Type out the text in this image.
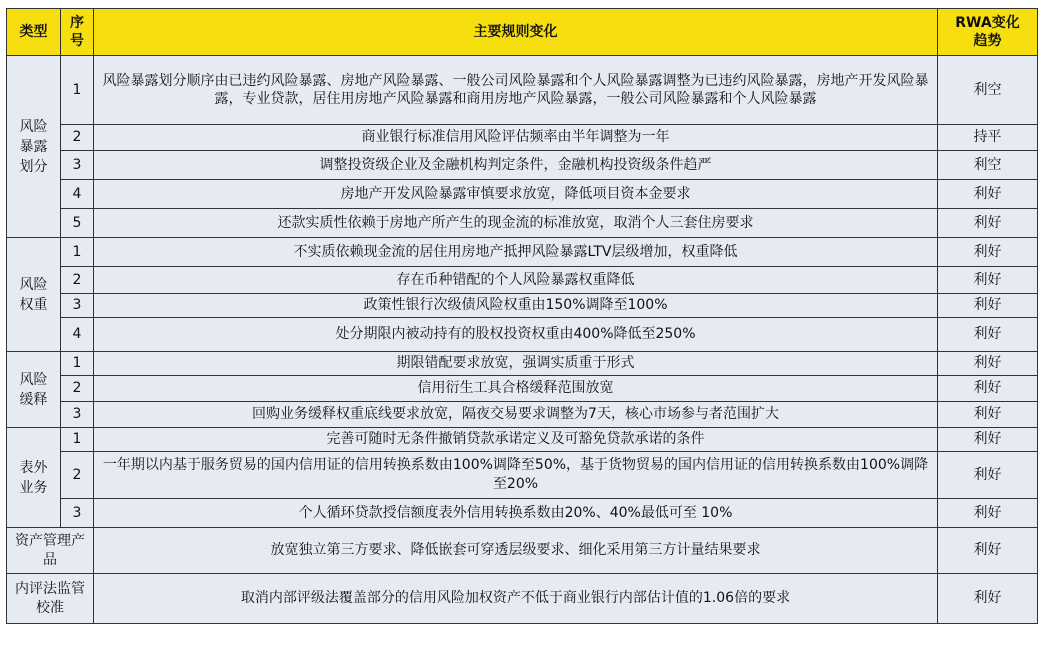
类型	序号	主要规则变化	RWA变化趋势
风险暴露划分	1	风险暴露划分顺序由已违约风险暴露、房地产风险暴露、一般公司风险暴露和个人风险暴露调整为已违约风险暴露，房地产开发风险暴露，专业贷款，居住用房地产风险暴露和商用房地产风险暴露，一般公司风险暴露和个人风险暴露	利空
	2	商业银行标准信用风险评估频率由半年调整为一年	持平
	3	调整投资级企业及金融机构判定条件，金融机构投资级条件趋严	利空
	4	房地产开发风险暴露审慎要求放宽，降低项目资本金要求	利好
	5	还款实质性依赖于房地产所产生的现金流的标准放宽，取消个人三套住房要求	利好
风险权重	1	不实质依赖现金流的居住用房地产抵押风险暴露LTV层级增加，权重降低	利好
	2	存在币种错配的个人风险暴露权重降低	利好
	3	政策性银行次级债风险权重由150%调降至100%	利好
	4	处分期限内被动持有的股权投资权重由400%降低至250%	利好
风险缓释	1	期限错配要求放宽，强调实质重于形式	利好
	2	信用衍生工具合格缓释范围放宽	利好
	3	回购业务缓释权重底线要求放宽，隔夜交易要求调整为7天，核心市场参与者范围扩大	利好
表外业务	1	完善可随时无条件撤销贷款承诺定义及可豁免贷款承诺的条件	利好
	2	一年期以内基于服务贸易的国内信用证的信用转换系数由100%调降至50%，基于货物贸易的国内信用证的信用转换系数由100%调降至20%	利好
	3	个人循环贷款授信额度表外信用转换系数由20%、40%最低可至 10%	利好
资产管理产品		放宽独立第三方要求、降低嵌套可穿透层级要求、细化采用第三方计量结果要求	利好
内评法监管校准		取消内部评级法覆盖部分的信用风险加权资产不低于商业银行内部估计值的1.06倍的要求	利好
